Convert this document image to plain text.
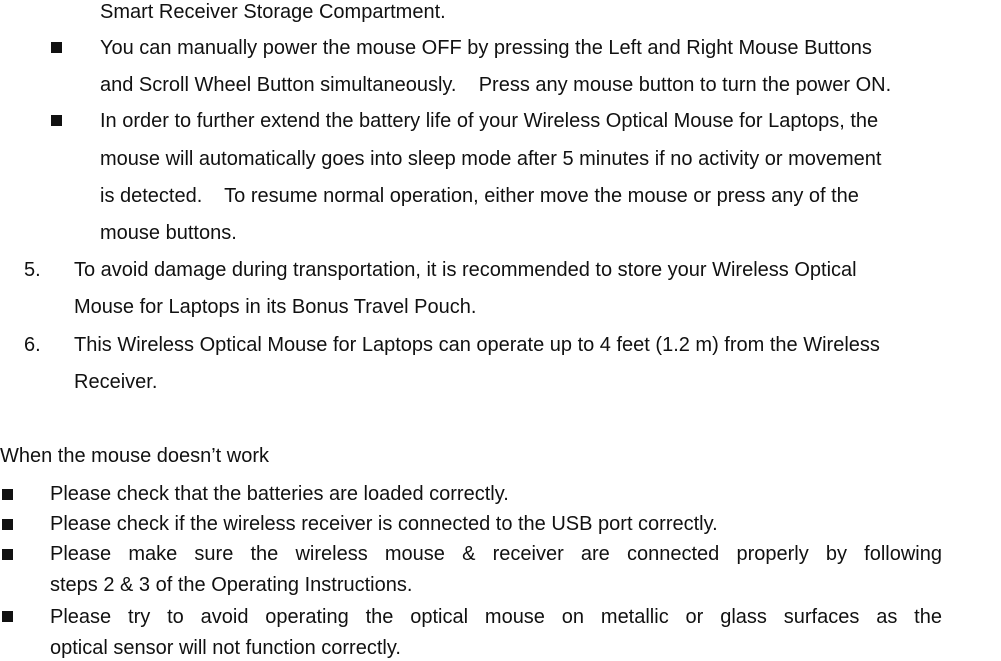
Smart Receiver Storage Compartment.
You can manually power the mouse OFF by pressing the Left and Right Mouse Buttons
and Scroll Wheel Button simultaneously.    Press any mouse button to turn the power ON.
In order to further extend the battery life of your Wireless Optical Mouse for Laptops, the
mouse will automatically goes into sleep mode after 5 minutes if no activity or movement
is detected.    To resume normal operation, either move the mouse or press any of the
mouse buttons.
5. To avoid damage during transportation, it is recommended to store your Wireless Optical
Mouse for Laptops in its Bonus Travel Pouch.
6. This Wireless Optical Mouse for Laptops can operate up to 4 feet (1.2 m) from the Wireless
Receiver.
When the mouse doesn’t work
Please check that the batteries are loaded correctly.
Please check if the wireless receiver is connected to the USB port correctly.
Please make sure the wireless mouse & receiver are connected properly by following
steps 2 & 3 of the Operating Instructions.
Please try to avoid operating the optical mouse on metallic or glass surfaces as the
optical sensor will not function correctly.
